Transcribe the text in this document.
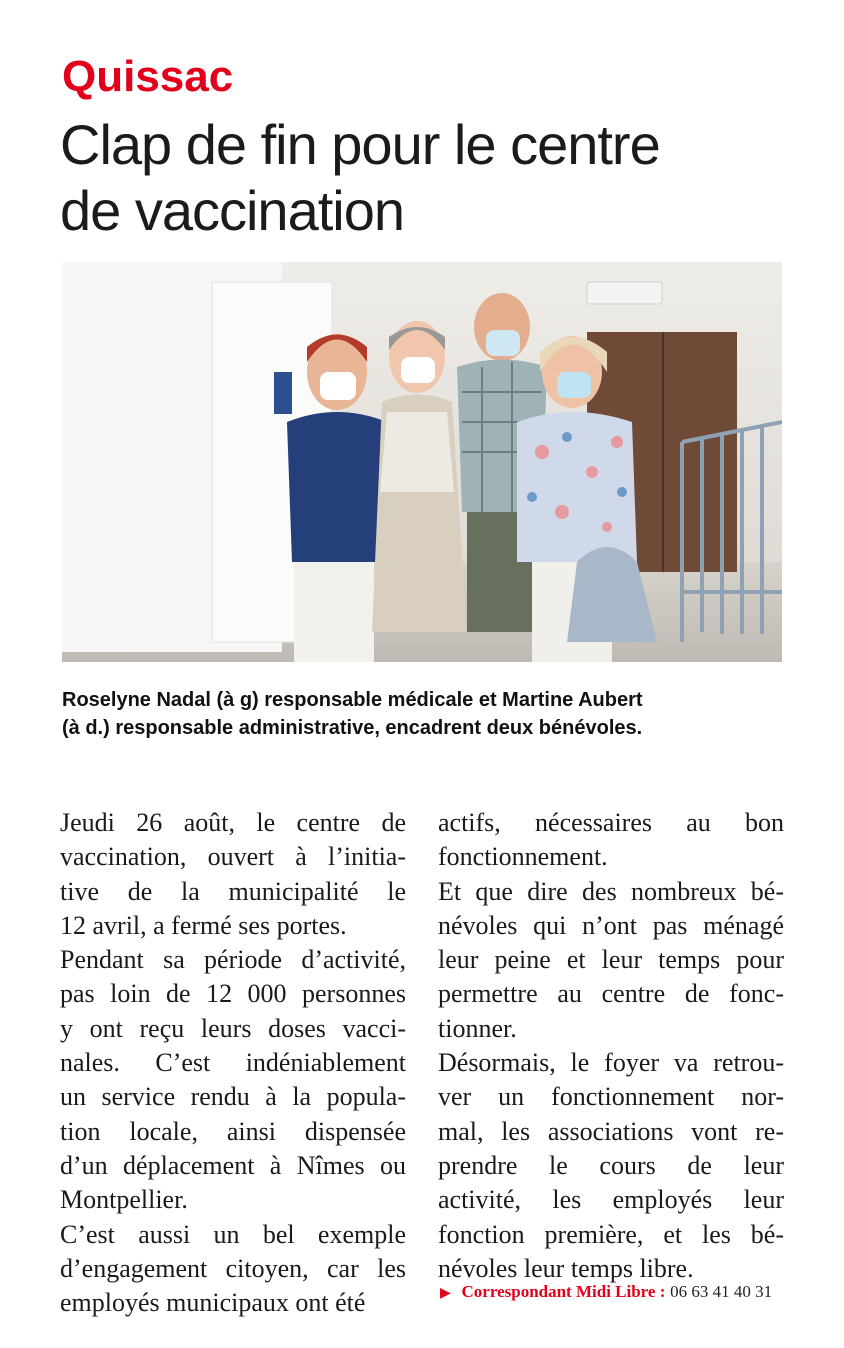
Quissac
Clap de fin pour le centre
de vaccination
Roselyne Nadal (à g) responsable médicale et Martine Aubert
(à d.) responsable administrative, encadrent deux bénévoles.
Jeudi 26 août, le centre de
vaccination, ouvert à l’initia-
tive de la municipalité le
12 avril, a fermé ses portes.
Pendant sa période d’activité,
pas loin de 12 000 personnes
y ont reçu leurs doses vacci-
nales. C’est indéniablement
un service rendu à la popula-
tion locale, ainsi dispensée
d’un déplacement à Nîmes ou
Montpellier.
C’est aussi un bel exemple
d’engagement citoyen, car les
employés municipaux ont été
actifs, nécessaires au bon
fonctionnement.
Et que dire des nombreux bé-
névoles qui n’ont pas ménagé
leur peine et leur temps pour
permettre au centre de fonc-
tionner.
Désormais, le foyer va retrou-
ver un fonctionnement nor-
mal, les associations vont re-
prendre le cours de leur
activité, les employés leur
fonction première, et les bé-
névoles leur temps libre.
▶ Correspondant Midi Libre : 06 63 41 40 31
